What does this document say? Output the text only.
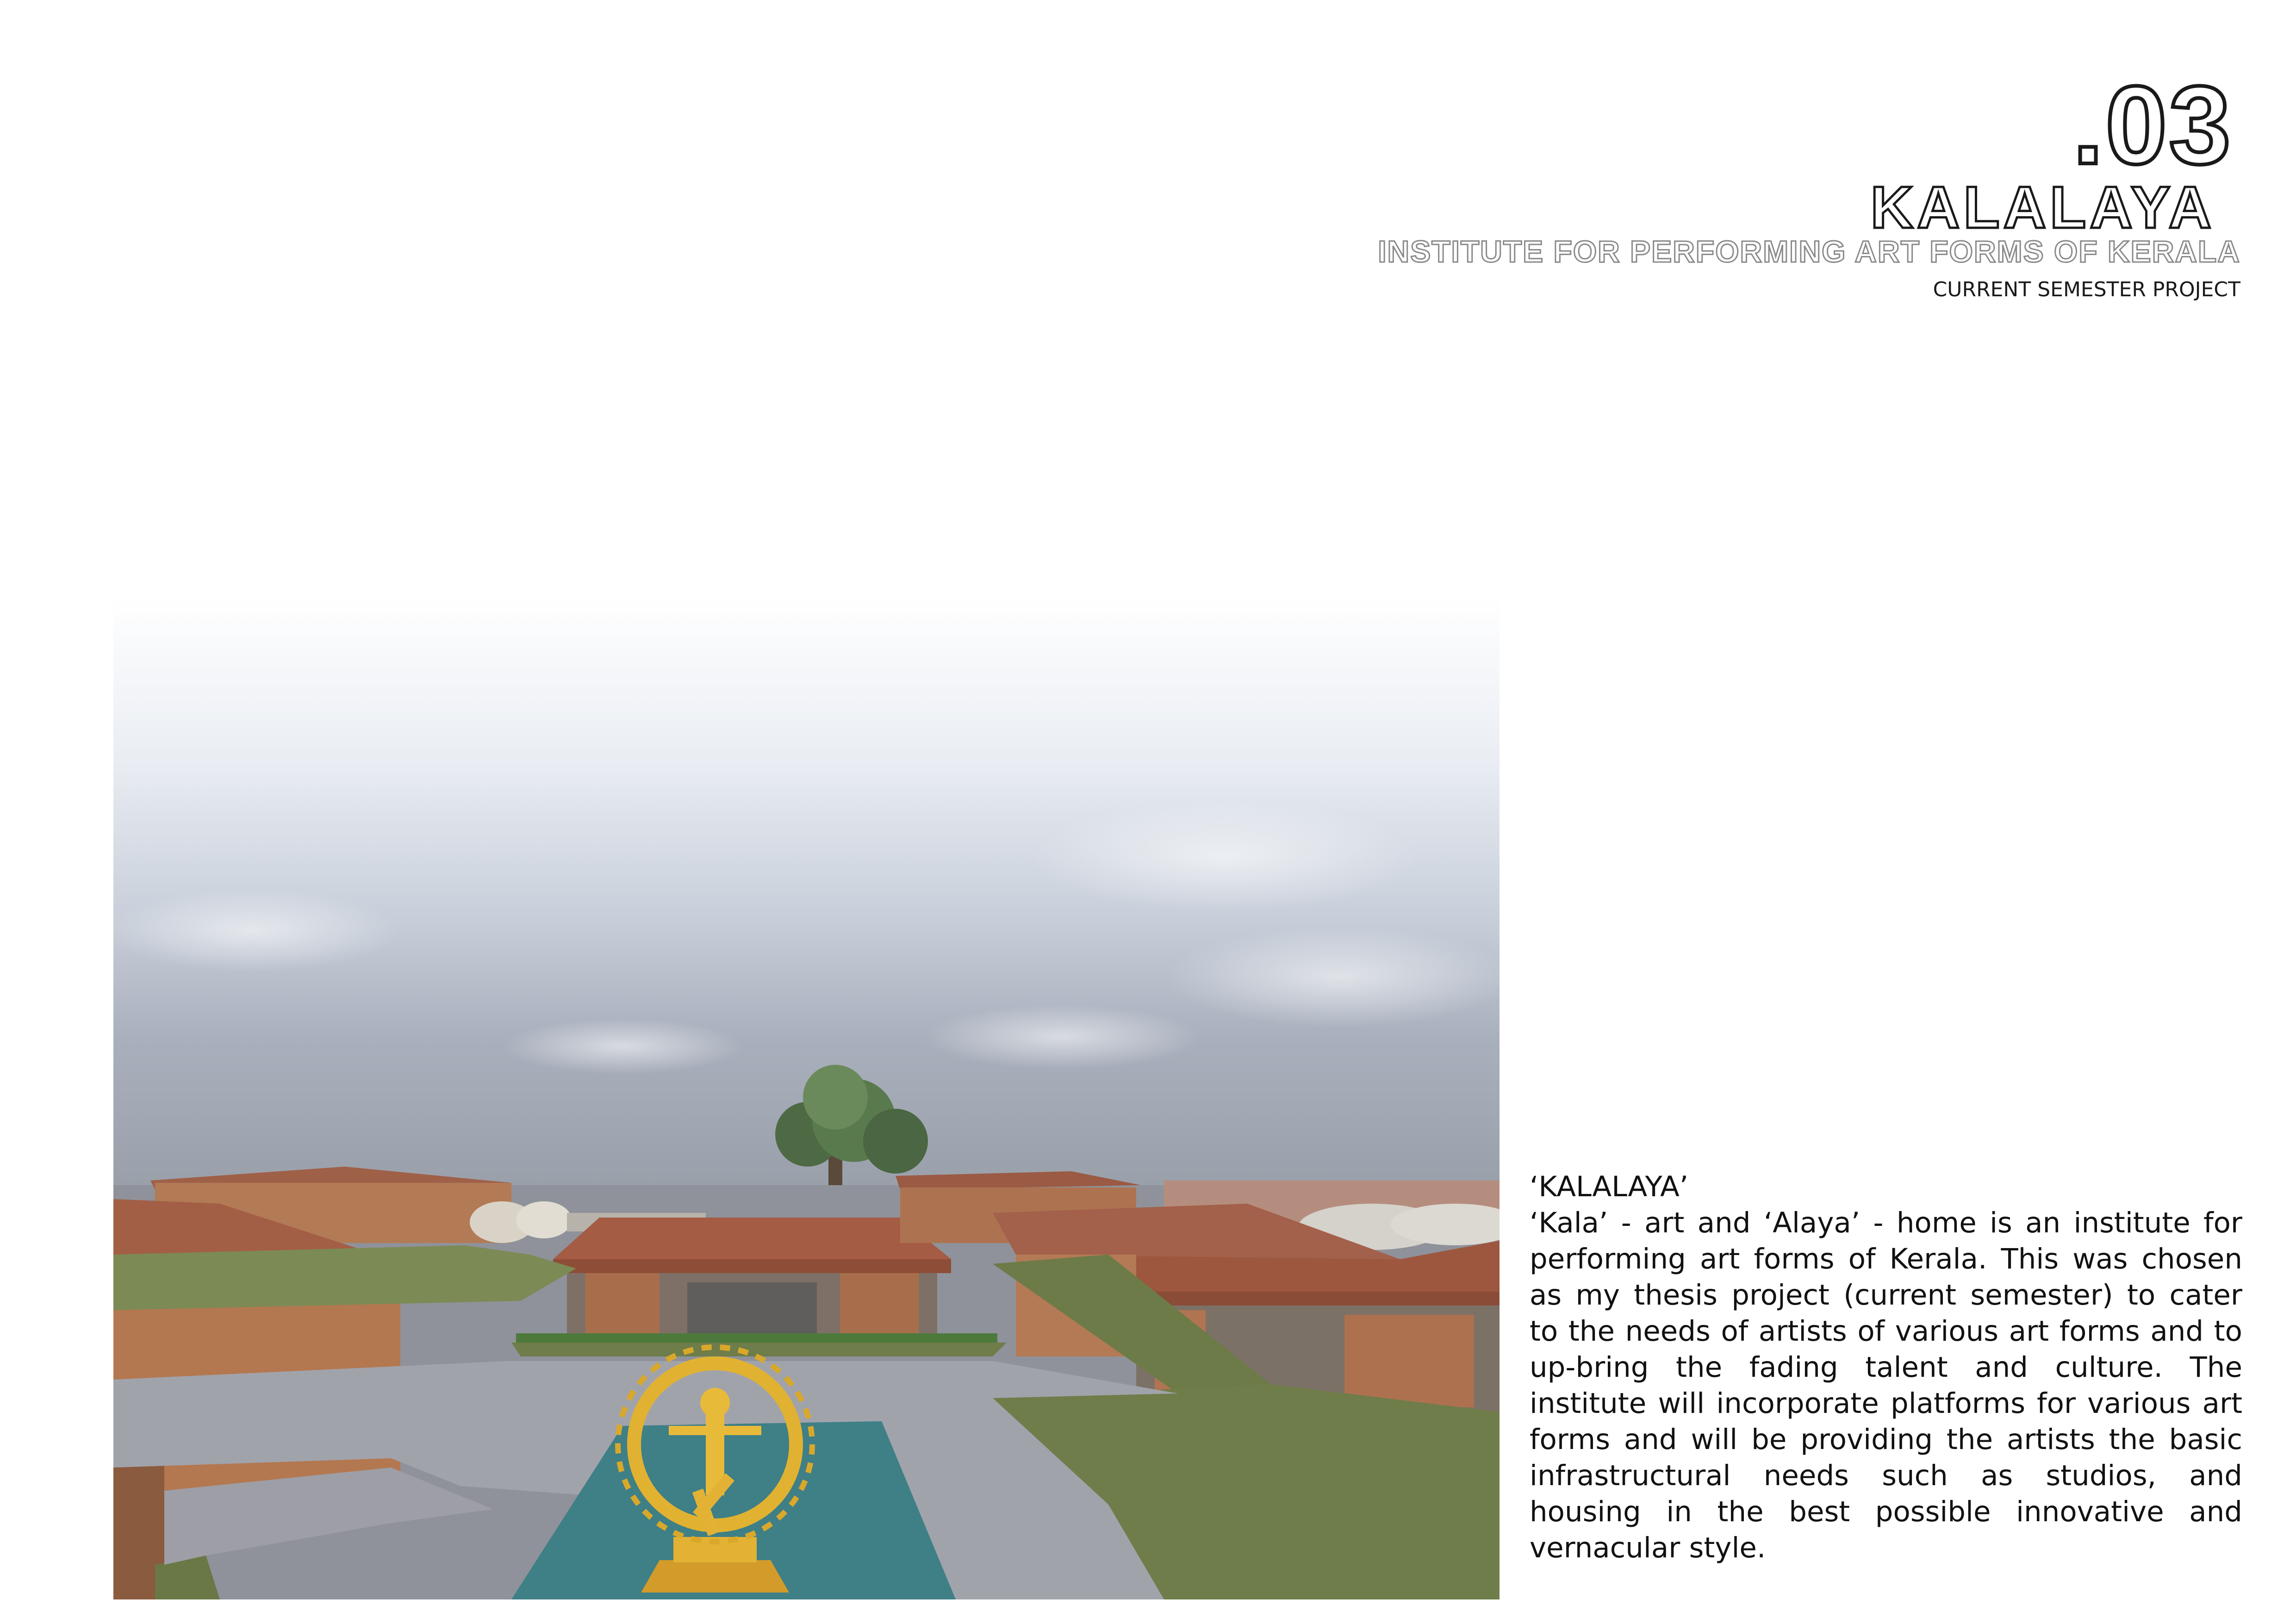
.03
KALALAYA
INSTITUTE FOR PERFORMING ART FORMS OF KERALA
CURRENT SEMESTER PROJECT
‘KALALAYA’
‘Kala’ - art and ‘Alaya’ - home is an institute for performing art forms of Kerala. This was chosen as my thesis project (current semester) to cater to the needs of artists of various art forms and to up-bring the fading talent and culture. The institute will incorporate platforms for various art forms and will be providing the artists the basic infrastructural needs such as studios, and housing in the best possible innovative and vernacular style.
